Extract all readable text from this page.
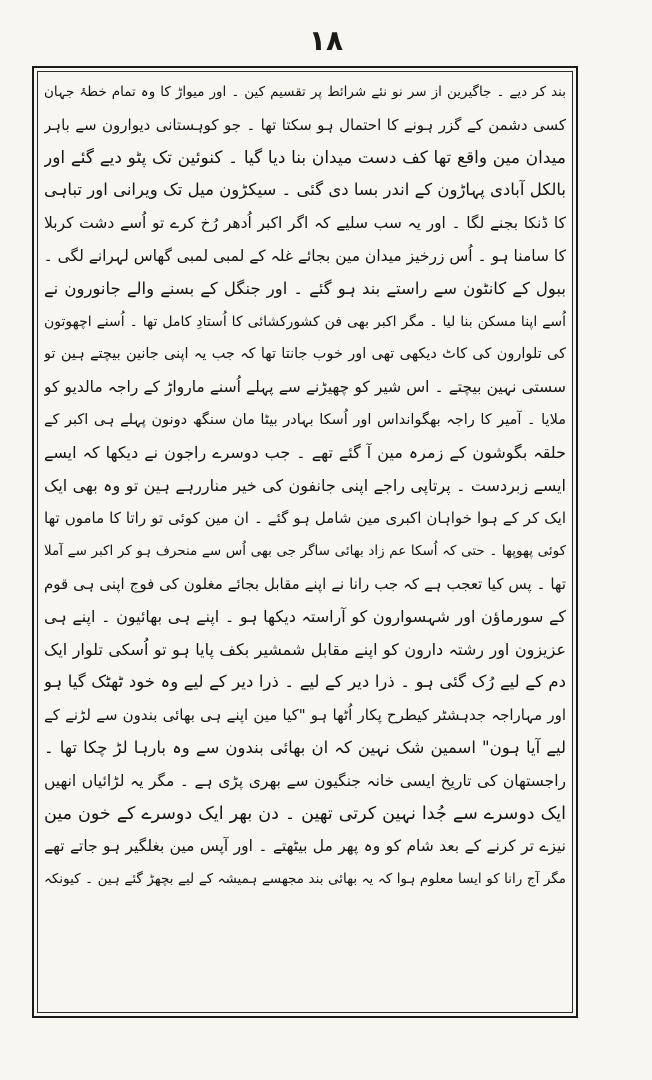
۱۸
بند کر دیے ۔ جاگیرین از سر نو نئے شرائط پر تقسیم کین ۔ اور میواڑ کا وہ تمام خطۂ جہان
کسی دشمن کے گزر ہونے کا احتمال ہو سکتا تھا ۔ جو کوہستانی دیوارون سے باہر
میدان مین واقع تھا کف دست میدان بنا دیا گیا ۔ کنوئین تک پٹو دیے گئے اور
بالکل آبادی پہاڑون کے اندر بسا دی گئی ۔ سیکڑون میل تک ویرانی اور تباہی
کا ڈنکا بجنے لگا ۔ اور یہ سب سلیے کہ اگر اکبر اُدھر رُخ کرے تو اُسے دشت کربلا
کا سامنا ہو ۔ اُس زرخیز میدان مین بجائے غلہ کے لمبی لمبی گھاس لہرانے لگی ۔
ببول کے کانٹون سے راستے بند ہو گئے ۔ اور جنگل کے بسنے والے جانورون نے
اُسے اپنا مسکن بنا لیا ۔ مگر اکبر بھی فن کشورکشائی کا اُستادِ کامل تھا ۔ اُسنے اچھوتون
کی تلوارون کی کاٹ دیکھی تھی اور خوب جانتا تھا کہ جب یہ اپنی جانین بیچتے ہین تو
سستی نہین بیچتے ۔ اس شیر کو چھیڑنے سے پہلے اُسنے مارواڑ کے راجہ مالدیو کو
ملایا ۔ آمیر کا راجہ بھگوانداس اور اُسکا بہادر بیٹا مان سنگھ دونون پہلے ہی اکبر کے
حلقہ بگوشون کے زمرہ مین آ گئے تھے ۔ جب دوسرے راجون نے دیکھا کہ ایسے
ایسے زبردست ۔ پرتاپی راجے اپنی جانفون کی خیر مناررہے ہین تو وہ بھی ایک
ایک کر کے ہوا خواہان اکبری مین شامل ہو گئے ۔ ان مین کوئی تو راتا کا ماموں تھا
کوئی پھوپھا ۔ حتی کہ اُسکا عم زاد بھائی ساگر جی بھی اُس سے منحرف ہو کر اکبر سے آملا
تھا ۔ پس کیا تعجب ہے کہ جب رانا نے اپنے مقابل بجائے مغلون کی فوج اپنی ہی قوم
کے سورماؤن اور شہسوارون کو آراستہ دیکھا ہو ۔ اپنے ہی بھائیون ۔ اپنے ہی
عزیزون اور رشتہ دارون کو اپنے مقابل شمشیر بکف پایا ہو تو اُسکی تلوار ایک
دم کے لیے رُک گئی ہو ۔ ذرا دیر کے لیے ۔ ذرا دیر کے لیے وہ خود ٹھٹک گیا ہو
اور مہاراجہ جدہشٹر کیطرح پکار اُٹھا ہو "کیا مین اپنے ہی بھائی بندون سے لڑنے کے
لیے آیا ہون" اسمین شک نہین کہ ان بھائی بندون سے وہ بارہا لڑ چکا تھا ۔
راجستھان کی تاریخ ایسی خانہ جنگیون سے بھری پڑی ہے ۔ مگر یہ لڑائیاں انھیں
ایک دوسرے سے جُدا نہین کرتی تھین ۔ دن بھر ایک دوسرے کے خون مین
نیزے تر کرنے کے بعد شام کو وہ پھر مل بیٹھتے ۔ اور آپس مین بغلگیر ہو جاتے تھے
مگر آج رانا کو ایسا معلوم ہوا کہ یہ بھائی بند مجھسے ہمیشہ کے لیے بچھڑ گئے ہین ۔ کیونکہ
